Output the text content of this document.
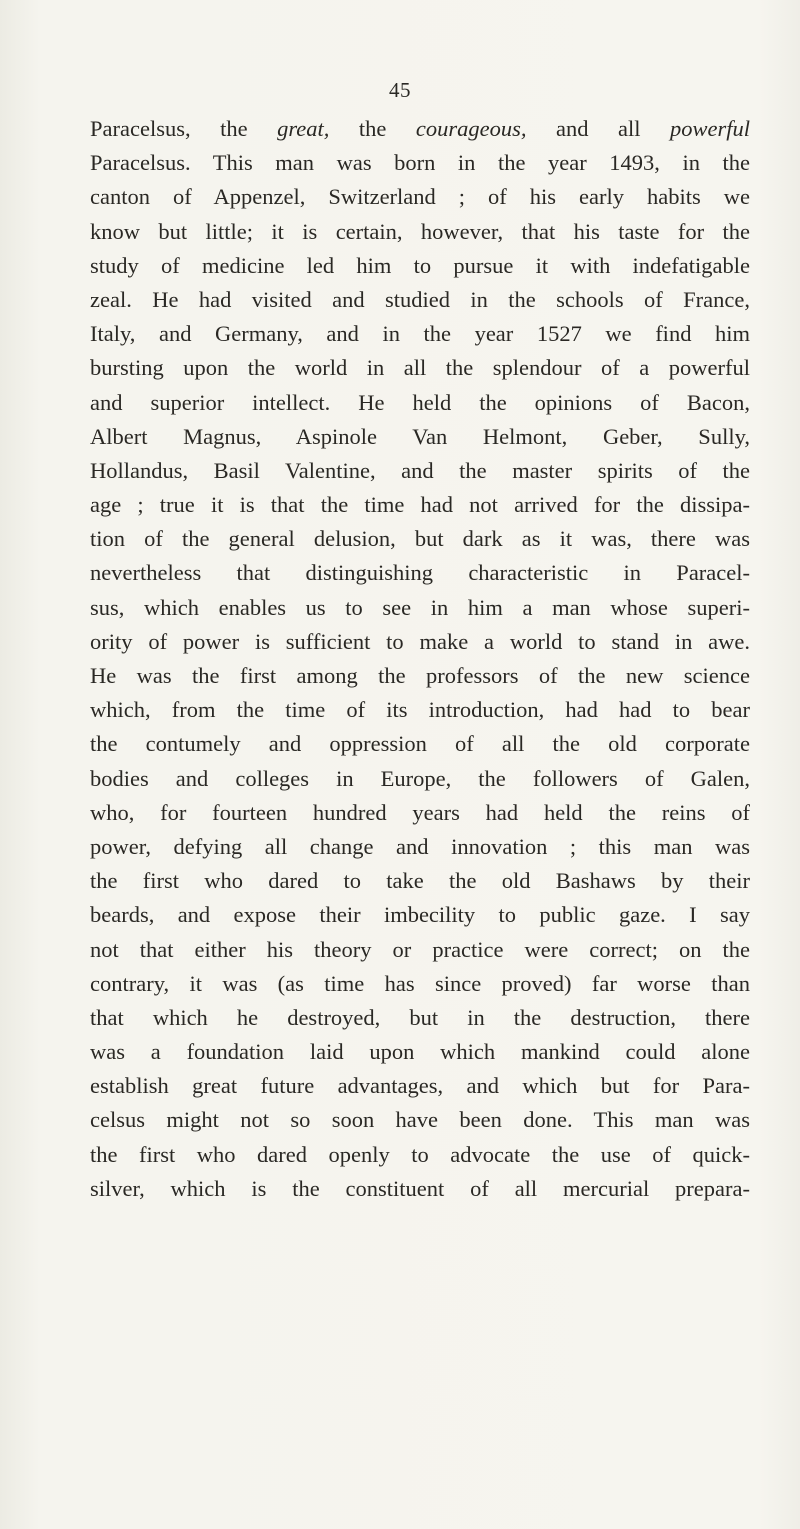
45
Paracelsus, the great, the courageous, and all powerful
Paracelsus. This man was born in the year 1493, in the
canton of Appenzel, Switzerland ; of his early habits we
know but little; it is certain, however, that his taste for the
study of medicine led him to pursue it with indefatigable
zeal. He had visited and studied in the schools of France,
Italy, and Germany, and in the year 1527 we find him
bursting upon the world in all the splendour of a powerful
and superior intellect. He held the opinions of Bacon,
Albert Magnus, Aspinole Van Helmont, Geber, Sully,
Hollandus, Basil Valentine, and the master spirits of the
age ; true it is that the time had not arrived for the dissipa-
tion of the general delusion, but dark as it was, there was
nevertheless that distinguishing characteristic in Paracel-
sus, which enables us to see in him a man whose superi-
ority of power is sufficient to make a world to stand in awe.
He was the first among the professors of the new science
which, from the time of its introduction, had had to bear
the contumely and oppression of all the old corporate
bodies and colleges in Europe, the followers of Galen,
who, for fourteen hundred years had held the reins of
power, defying all change and innovation ; this man was
the first who dared to take the old Bashaws by their
beards, and expose their imbecility to public gaze. I say
not that either his theory or practice were correct; on the
contrary, it was (as time has since proved) far worse than
that which he destroyed, but in the destruction, there
was a foundation laid upon which mankind could alone
establish great future advantages, and which but for Para-
celsus might not so soon have been done. This man was
the first who dared openly to advocate the use of quick-
silver, which is the constituent of all mercurial prepara-
